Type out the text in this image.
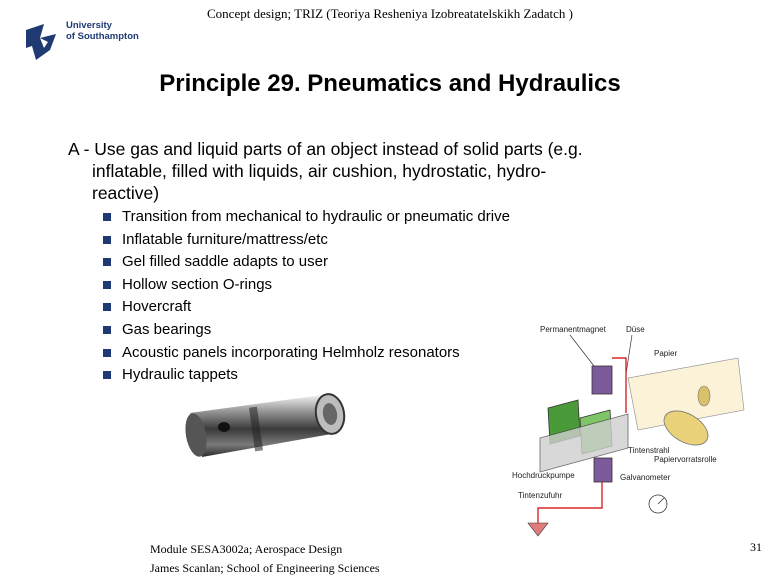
Concept design; TRIZ (Teoriya Resheniya Izobreatatelskikh Zadatch )
University
of Southampton
Principle 29. Pneumatics and Hydraulics
A - Use gas and liquid parts of an object instead of solid parts (e.g.
inflatable, filled with liquids, air cushion, hydrostatic, hydro-
reactive)
Transition from mechanical to hydraulic or pneumatic drive
Inflatable furniture/mattress/etc
Gel filled saddle adapts to user
Hollow section O-rings
Hovercraft
Gas bearings
Acoustic panels incorporating Helmholz resonators
Hydraulic tappets
Permanentmagnet	Düse
Papier
Tintenstrahl
Papiervorratsrolle
Hochdruckpumpe	Galvanometer
Tintenzufuhr
Module SESA3002a; Aerospace Design
James Scanlan; School of Engineering Sciences
31
